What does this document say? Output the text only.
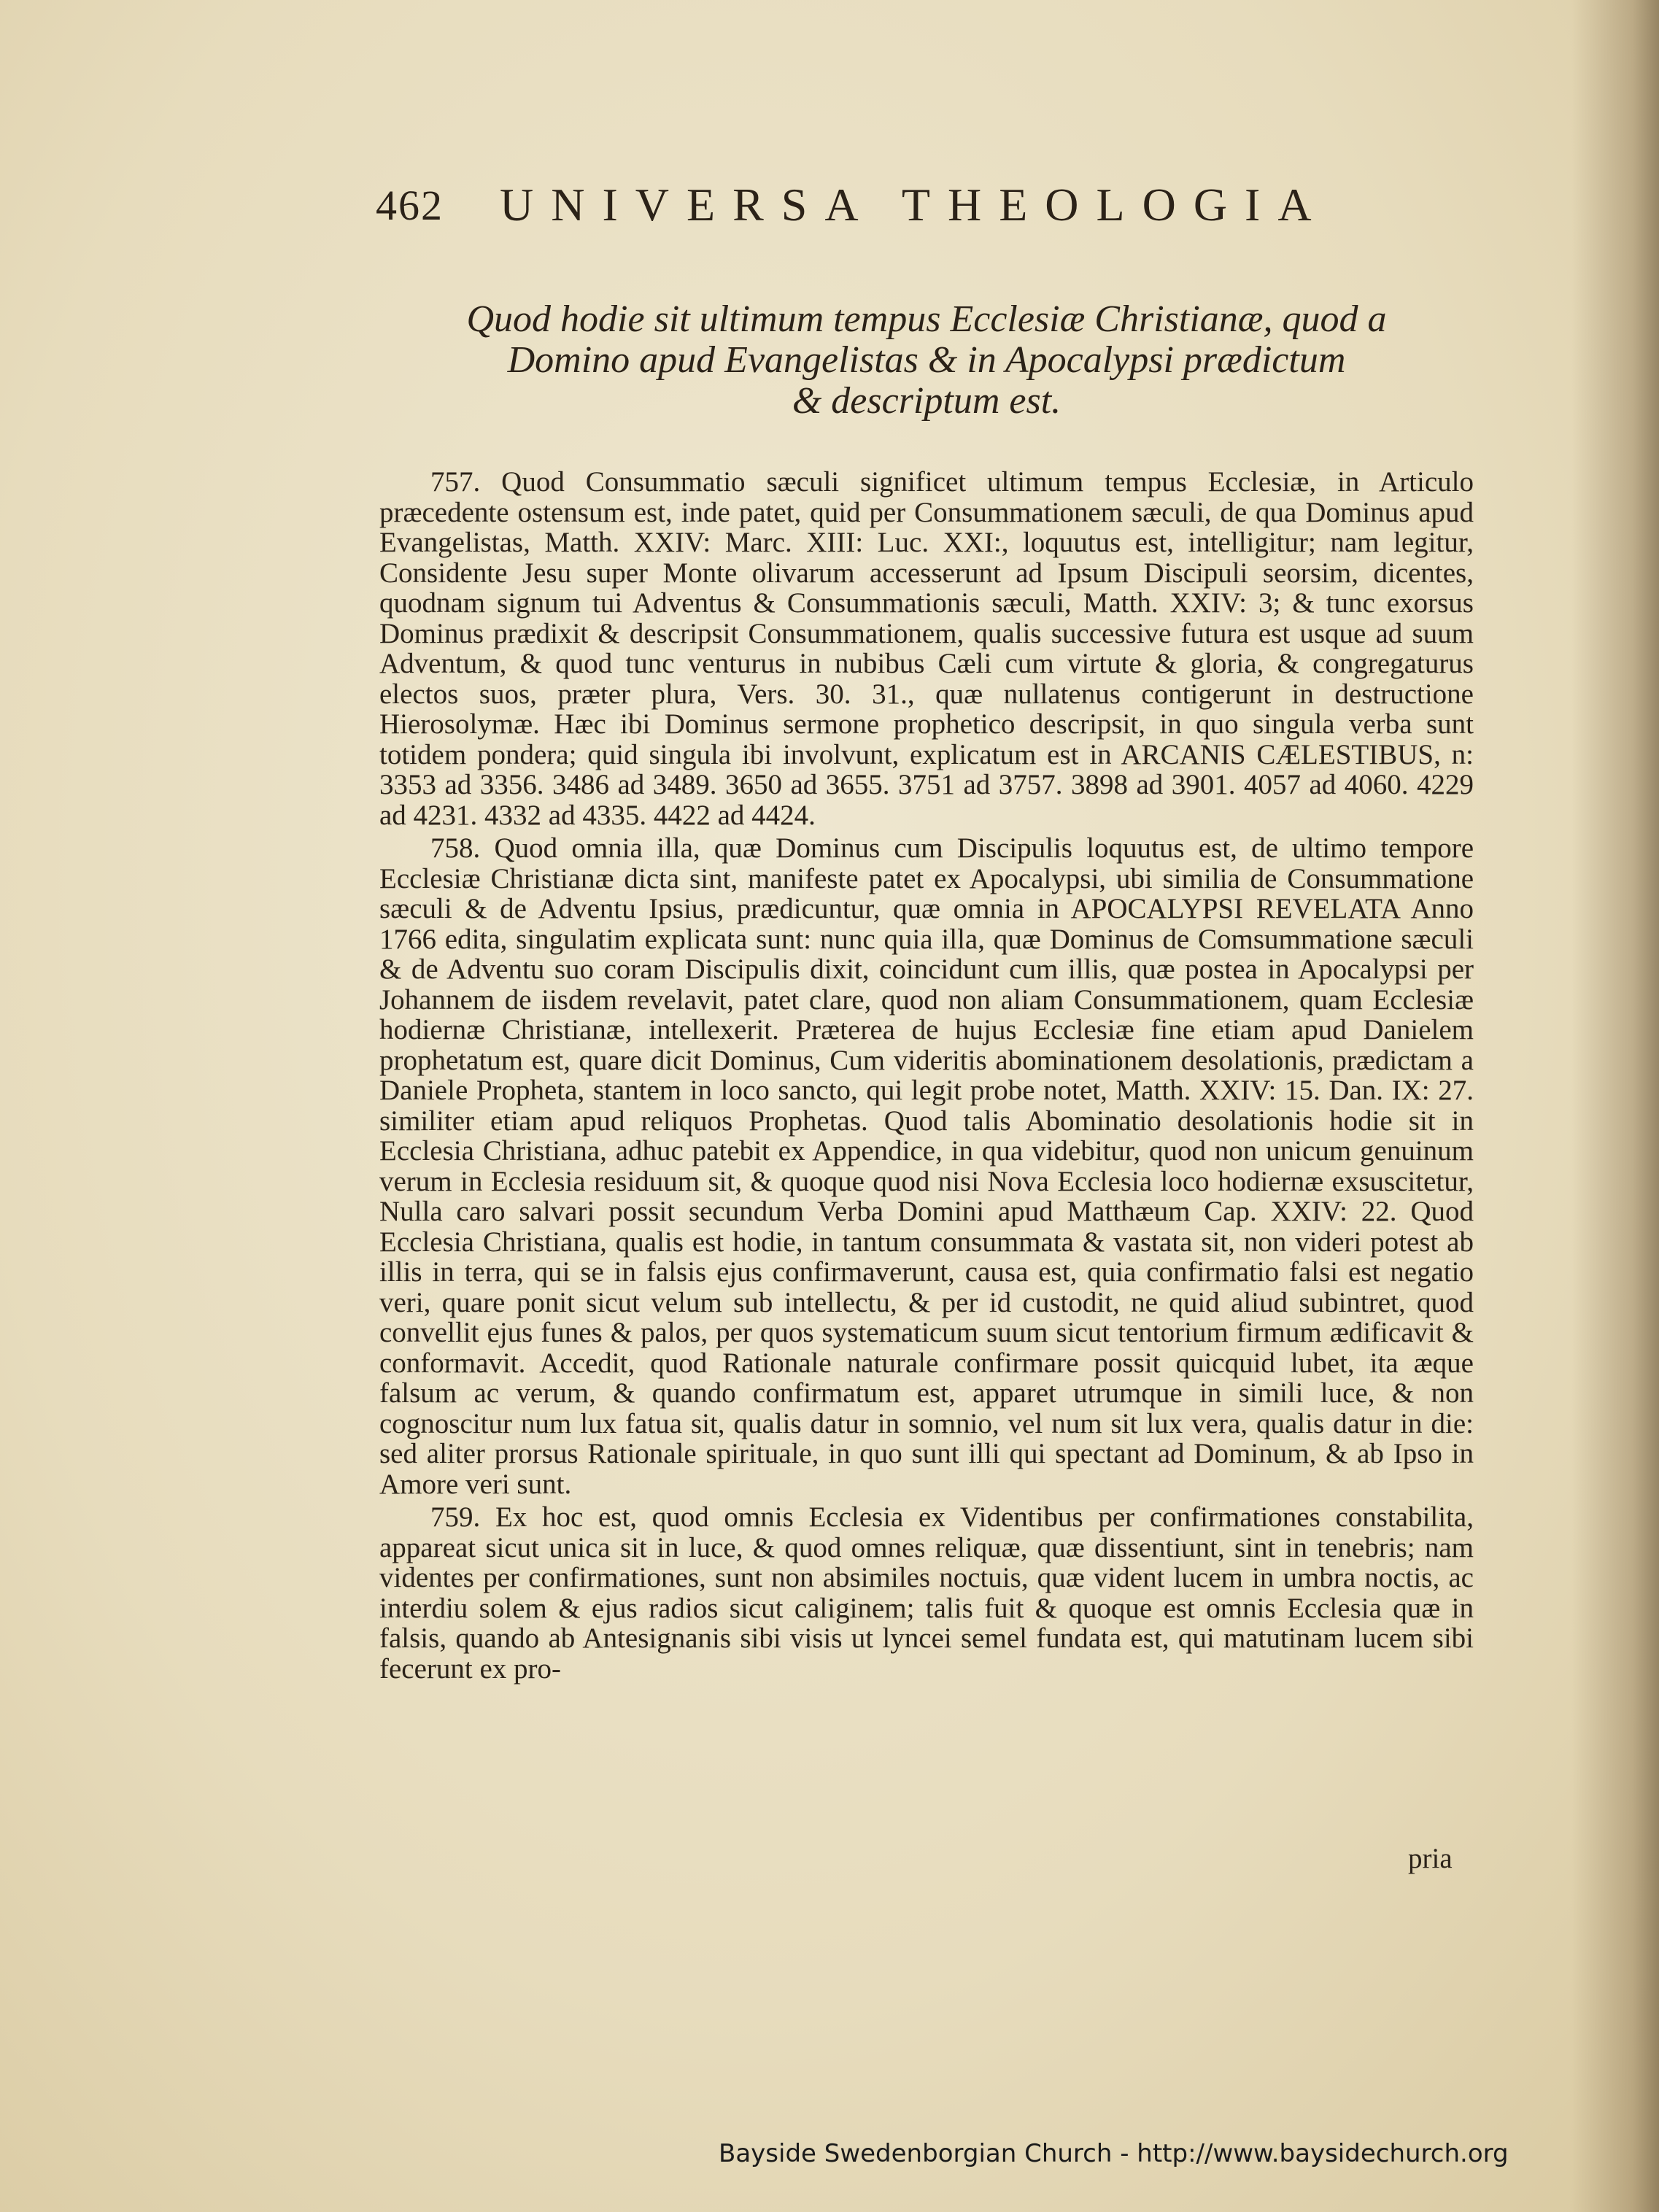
462 UNIVERSA THEOLOGIA
Quod hodie sit ultimum tempus Ecclesiæ Christianæ, quod a
Domino apud Evangelistas & in Apocalypsi prædictum
& descriptum est.

757. Quod Consummatio sæculi significet ultimum tempus Ecclesiæ, in Articulo præcedente ostensum est, inde patet, quid per Consummationem sæculi, de qua Dominus apud Evangelistas, Matth. XXIV: Marc. XIII: Luc. XXI:, loquutus est, intelligitur; nam legitur, Considente Jesu super Monte olivarum accesserunt ad Ipsum Discipuli seorsim, dicentes, quodnam signum tui Adventus & Consummationis sæculi, Matth. XXIV: 3; & tunc exorsus Dominus prædixit & descripsit Consummationem, qualis successive futura est usque ad suum Adventum, & quod tunc venturus in nubibus Cæli cum virtute & gloria, & congregaturus electos suos, præter plura, Vers. 30. 31., quæ nullatenus contigerunt in destructione Hierosolymæ. Hæc ibi Dominus sermone prophetico descripsit, in quo singula verba sunt totidem pondera; quid singula ibi involvunt, explicatum est in ARCANIS CÆLESTIBUS, n: 3353 ad 3356. 3486 ad 3489. 3650 ad 3655. 3751 ad 3757. 3898 ad 3901. 4057 ad 4060. 4229 ad 4231. 4332 ad 4335. 4422 ad 4424.

758. Quod omnia illa, quæ Dominus cum Discipulis loquutus est, de ultimo tempore Ecclesiæ Christianæ dicta sint, manifeste patet ex Apocalypsi, ubi similia de Consummatione sæculi & de Adventu Ipsius, prædicuntur, quæ omnia in APOCALYPSI REVELATA Anno 1766 edita, singulatim explicata sunt: nunc quia illa, quæ Dominus de Comsummatione sæculi & de Adventu suo coram Discipulis dixit, coincidunt cum illis, quæ postea in Apocalypsi per Johannem de iisdem revelavit, patet clare, quod non aliam Consummationem, quam Ecclesiæ hodiernæ Christianæ, intellexerit. Præterea de hujus Ecclesiæ fine etiam apud Danielem prophetatum est, quare dicit Dominus, Cum videritis abominationem desolationis, prædictam a Daniele Propheta, stantem in loco sancto, qui legit probe notet, Matth. XXIV: 15. Dan. IX: 27. similiter etiam apud reliquos Prophetas. Quod talis Abominatio desolationis hodie sit in Ecclesia Christiana, adhuc patebit ex Appendice, in qua videbitur, quod non unicum genuinum verum in Ecclesia residuum sit, & quoque quod nisi Nova Ecclesia loco hodiernæ exsuscitetur, Nulla caro salvari possit secundum Verba Domini apud Matthæum Cap. XXIV: 22. Quod Ecclesia Christiana, qualis est hodie, in tantum consummata & vastata sit, non videri potest ab illis in terra, qui se in falsis ejus confirmaverunt, causa est, quia confirmatio falsi est negatio veri, quare ponit sicut velum sub intellectu, & per id custodit, ne quid aliud subintret, quod convellit ejus funes & palos, per quos systematicum suum sicut tentorium firmum ædificavit & conformavit. Accedit, quod Rationale naturale confirmare possit quicquid lubet, ita æque falsum ac verum, & quando confirmatum est, apparet utrumque in simili luce, & non cognoscitur num lux fatua sit, qualis datur in somnio, vel num sit lux vera, qualis datur in die: sed aliter prorsus Rationale spirituale, in quo sunt illi qui spectant ad Dominum, & ab Ipso in Amore veri sunt.

759. Ex hoc est, quod omnis Ecclesia ex Videntibus per confirmationes constabilita, appareat sicut unica sit in luce, & quod omnes reliquæ, quæ dissentiunt, sint in tenebris; nam videntes per confirmationes, sunt non absimiles noctuis, quæ vident lucem in umbra noctis, ac interdiu solem & ejus radios sicut caliginem; talis fuit & quoque est omnis Ecclesia quæ in falsis, quando ab Antesignanis sibi visis ut lyncei semel fundata est, qui matutinam lucem sibi fecerunt ex pro-

pria
Bayside Swedenborgian Church - http://www.baysidechurch.org
